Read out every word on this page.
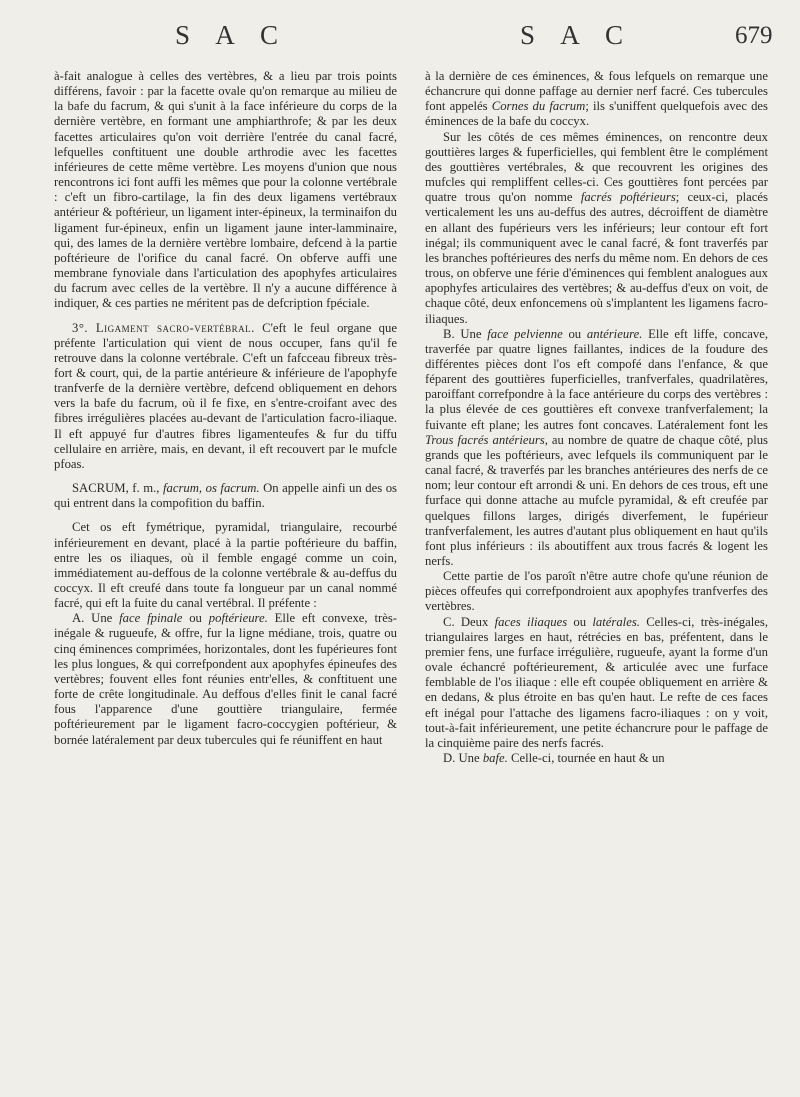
S A C	S A C	679

à-fait analogue à celles des vertèbres, & a lieu par trois points différens, favoir : par la facette ovale qu'on remarque au milieu de la bafe du facrum, & qui s'unit à la face inférieure du corps de la dernière vertèbre, en formant une amphiarthrofe; & par les deux facettes articulaires qu'on voit derrière l'entrée du canal facré, lefquelles conftituent une double arthrodie avec les facettes inférieures de cette même vertèbre. Les moyens d'union que nous rencontrons ici font auffi les mêmes que pour la colonne vertébrale : c'eft un fibro-cartilage, la fin des deux ligamens vertébraux antérieur & poftérieur, un ligament inter-épineux, la terminaifon du ligament fur-épineux, enfin un ligament jaune inter-lamminaire, qui, des lames de la dernière vertèbre lombaire, defcend à la partie poftérieure de l'orifice du canal facré. On obferve auffi une membrane fynoviale dans l'articulation des apophyfes articulaires du facrum avec celles de la vertèbre. Il n'y a aucune différence à indiquer, & ces parties ne méritent pas de defcription fpéciale.

3°. Ligament sacro-vertébral. C'eft le feul organe que préfente l'articulation qui vient de nous occuper, fans qu'il fe retrouve dans la colonne vertébrale. C'eft un fafcceau fibreux très-fort & court, qui, de la partie antérieure & inférieure de l'apophyfe tranfverfe de la dernière vertèbre, defcend obliquement en dehors vers la bafe du facrum, où il fe fixe, en s'entre-croifant avec des fibres irrégulières placées au-devant de l'articulation facro-iliaque. Il eft appuyé fur d'autres fibres ligamenteufes & fur du tiffu cellulaire en arrière, mais, en devant, il eft recouvert par le mufcle pfoas.

SACRUM, f. m., facrum, os facrum. On appelle ainfi un des os qui entrent dans la compofition du baffin.

Cet os eft fymétrique, pyramidal, triangulaire, recourbé inférieurement en devant, placé à la partie poftérieure du baffin, entre les os iliaques, où il femble engagé comme un coin, immédiatement au-deffous de la colonne vertébrale & au-deffus du coccyx. Il eft creufé dans toute fa longueur par un canal nommé facré, qui eft la fuite du canal vertébral. Il préfente :

A. Une face fpinale ou poftérieure. Elle eft convexe, très-inégale & rugueufe, & offre, fur la ligne médiane, trois, quatre ou cinq éminences comprimées, horizontales, dont les fupérieures font les plus longues, & qui correfpondent aux apophyfes épineufes des vertèbres; fouvent elles font réunies entr'elles, & conftituent une forte de crête longitudinale. Au deffous d'elles finit le canal facré fous l'apparence d'une gouttière triangulaire, fermée poftérieurement par le ligament facro-coccygien poftérieur, & bornée latéralement par deux tubercules qui fe réuniffent en haut

à la dernière de ces éminences, & fous lefquels on remarque une échancrure qui donne paffage au dernier nerf facré. Ces tubercules font appelés Cornes du facrum; ils s'uniffent quelquefois avec des éminences de la bafe du coccyx.

Sur les côtés de ces mêmes éminences, on rencontre deux gouttières larges & fuperficielles, qui femblent être le complément des gouttières vertébrales, & que recouvrent les origines des mufcles qui rempliffent celles-ci. Ces gouttières font percées par quatre trous qu'on nomme facrés poftérieurs; ceux-ci, placés verticalement les uns au-deffus des autres, décroiffent de diamètre en allant des fupérieurs vers les inférieurs; leur contour eft fort inégal; ils communiquent avec le canal facré, & font traverfés par les branches poftérieures des nerfs du même nom. En dehors de ces trous, on obferve une férie d'éminences qui femblent analogues aux apophyfes articulaires des vertèbres; & au-deffus d'eux on voit, de chaque côté, deux enfoncemens où s'implantent les ligamens facro-iliaques.

B. Une face pelvienne ou antérieure. Elle eft liffe, concave, traverfée par quatre lignes faillantes, indices de la foudure des différentes pièces dont l'os eft compofé dans l'enfance, & que féparent des gouttières fuperficielles, tranfverfales, quadrilatères, paroiffant correfpondre à la face antérieure du corps des vertèbres : la plus élevée de ces gouttières eft convexe tranfverfalement; la fuivante eft plane; les autres font concaves. Latéralement font les Trous facrés antérieurs, au nombre de quatre de chaque côté, plus grands que les poftérieurs, avec lefquels ils communiquent par le canal facré, & traverfés par les branches antérieures des nerfs de ce nom; leur contour eft arrondi & uni. En dehors de ces trous, eft une furface qui donne attache au mufcle pyramidal, & eft creufée par quelques fillons larges, dirigés diverfement, le fupérieur tranfverfalement, les autres d'autant plus obliquement en haut qu'ils font plus inférieurs : ils aboutiffent aux trous facrés & logent les nerfs.

Cette partie de l'os paroît n'être autre chofe qu'une réunion de pièces offeufes qui correfpondroient aux apophyfes tranfverfes des vertèbres.

C. Deux faces iliaques ou latérales. Celles-ci, très-inégales, triangulaires larges en haut, rétrécies en bas, préfentent, dans le premier fens, une furface irrégulière, rugueufe, ayant la forme d'un ovale échancré poftérieurement, & articulée avec une furface femblable de l'os iliaque : elle eft coupée obliquement en arrière & en dedans, & plus étroite en bas qu'en haut. Le refte de ces faces eft inégal pour l'attache des ligamens facro-iliaques : on y voit, tout-à-fait inférieurement, une petite échancrure pour le paffage de la cinquième paire des nerfs facrés.

D. Une bafe. Celle-ci, tournée en haut & un
